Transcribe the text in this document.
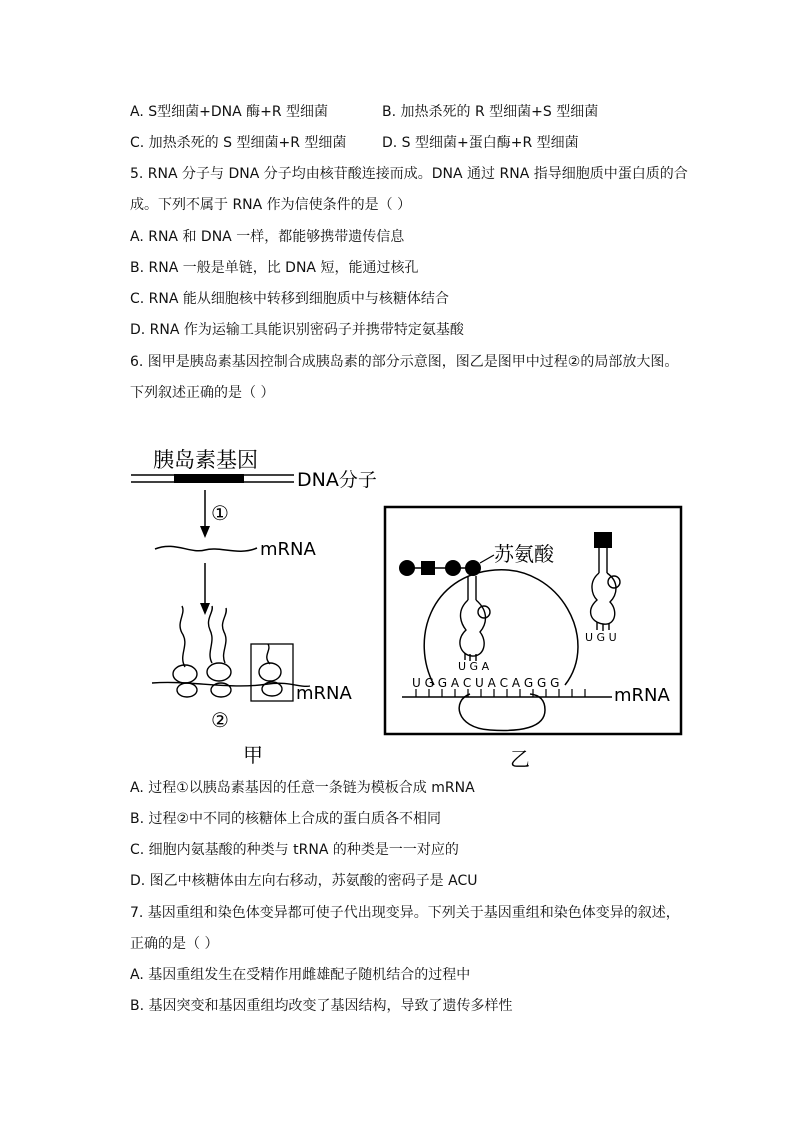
A. S型细菌+DNA 酶+R 型细菌	B. 加热杀死的 R 型细菌+S 型细菌
C. 加热杀死的 S 型细菌+R 型细菌	D. S 型细菌+蛋白酶+R 型细菌
5. RNA 分子与 DNA 分子均由核苷酸连接而成。DNA 通过 RNA 指导细胞质中蛋白质的合
成。下列不属于 RNA 作为信使条件的是（ ）
A. RNA 和 DNA 一样，都能够携带遗传信息
B. RNA 一般是单链，比 DNA 短，能通过核孔
C. RNA 能从细胞核中转移到细胞质中与核糖体结合
D. RNA 作为运输工具能识别密码子并携带特定氨基酸
6. 图甲是胰岛素基因控制合成胰岛素的部分示意图，图乙是图甲中过程②的局部放大图。
下列叙述正确的是（ ）
胰岛素基因
DNA分子
①
mRNA
mRNA
②
甲
苏氨酸
U G A
U G U
U G G A C U A C A G G G
mRNA
乙
A. 过程①以胰岛素基因的任意一条链为模板合成 mRNA
B. 过程②中不同的核糖体上合成的蛋白质各不相同
C. 细胞内氨基酸的种类与 tRNA 的种类是一一对应的
D. 图乙中核糖体由左向右移动，苏氨酸的密码子是 ACU
7. 基因重组和染色体变异都可使子代出现变异。下列关于基因重组和染色体变异的叙述，
正确的是（ ）
A. 基因重组发生在受精作用雌雄配子随机结合的过程中
B. 基因突变和基因重组均改变了基因结构，导致了遗传多样性
